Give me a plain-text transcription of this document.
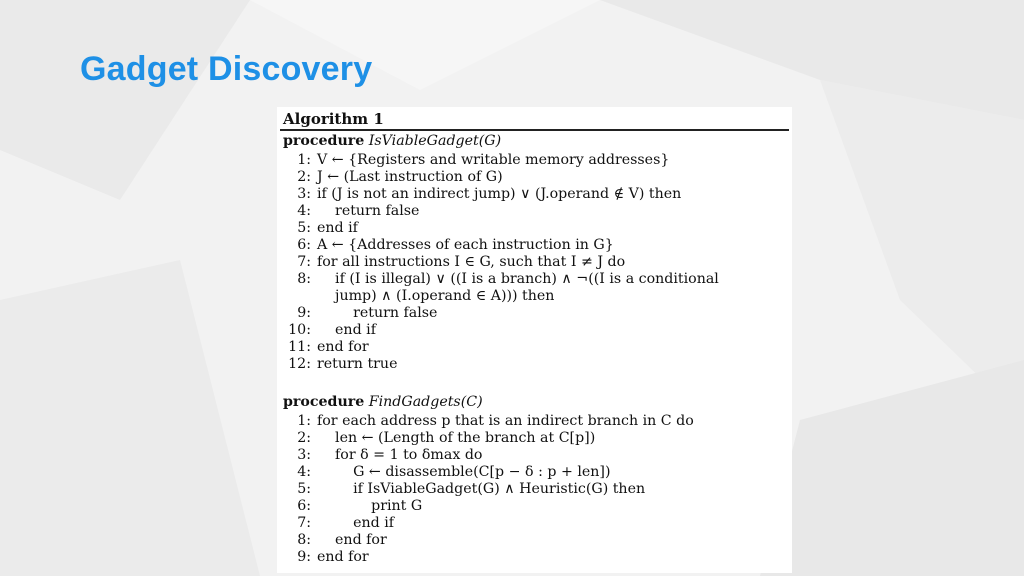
Gadget Discovery
Algorithm 1
procedure IsViableGadget(G)
procedure FindGadgets(C)
1: V ← {Registers and writable memory addresses}
2: J ← (Last instruction of G)
3: if (J is not an indirect jump) ∨ (J.operand ∉ V) then
4:    return false
5: end if
6: A ← {Addresses of each instruction in G}
7: for all instructions I ∈ G, such that I ≠ J do
8:    if (I is illegal) ∨ ((I is a branch) ∧ ¬((I is a conditional
jump) ∧ (I.operand ∈ A))) then
9:        return false
10:    end if
11: end for
12: return true
1: for each address p that is an indirect branch in C do
2:    len ← (Length of the branch at C[p])
3:    for δ = 1 to δmax do
4:        G ← disassemble(C[p − δ : p + len])
5:        if IsViableGadget(G) ∧ Heuristic(G) then
6:            print G
7:        end if
8:    end for
9: end for
